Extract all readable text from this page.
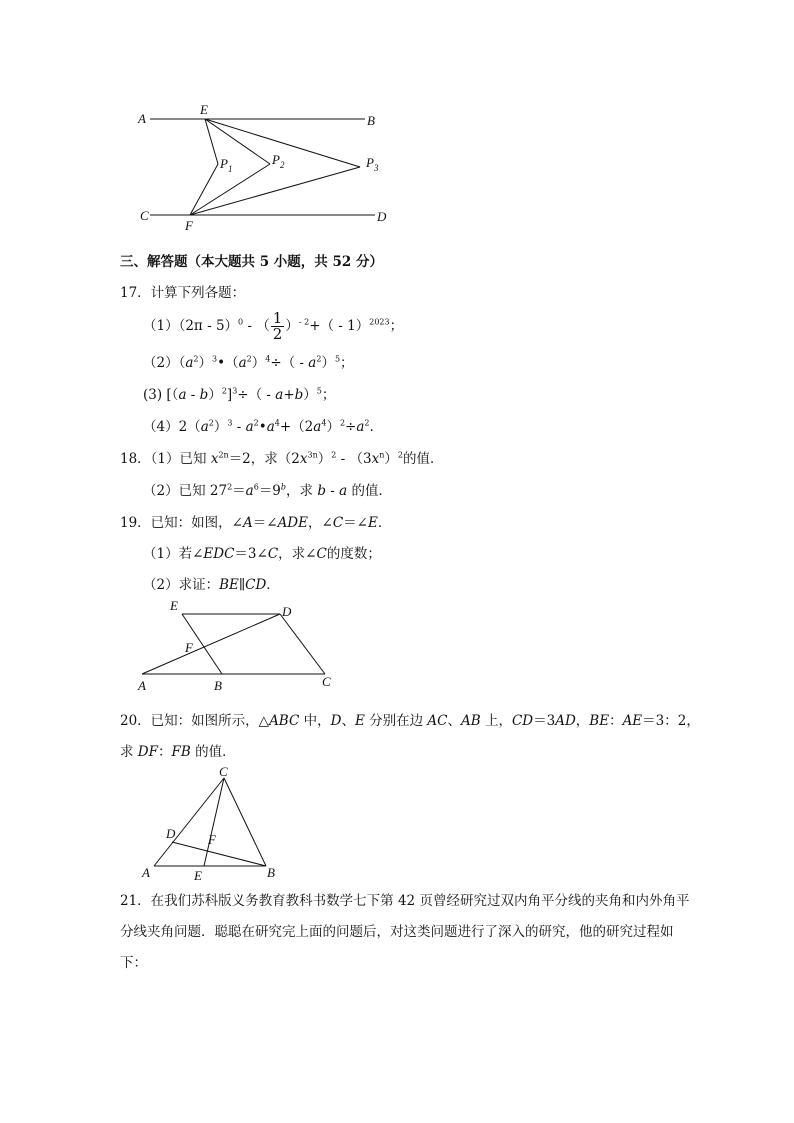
A
E
B
$P_1$
$P_2$	$P_3$
C
F
D
三、解答题（本大题共 5 小题，共 52 分）
17．计算下列各题：
（1）（2π - 5）$^0$ - （ $\frac{1}{2} )^{- 2}+( - 1)^{2023}$；
$(2)(a^2)^3•(a^2)^4\div( - a^2)^5$；
(3) $[(a - b)^2]^3\div( - a+b)^5$；
$(4)2(a^2)^3$ - $a^2•a^4+(2a^4)^2\div a^2$.
18．（1）已知 $x^{2n}=2$，求$(2x^{3n})^2 - (3x^n)^2$的值．
（2）已知 $27^2=a^6=9^b$，求 b - a 的值．
19．已知：如图，∠A＝∠ADE，∠C＝∠E．
（1）若∠EDC＝3∠C，求∠C的度数；
（2）求证：BE∥CD．
E	D
F
A	B	C
20．已知：如图所示，△ABC 中，D、E 分别在边 AC、AB 上，CD＝3AD，BE：AE＝3：2，
求 DF：FB 的值．
C
D	F
A	E	B
21．在我们苏科版义务教育教科书数学七下第 42 页曾经研究过双内角平分线的夹角和内外角平分线夹角问题．聪聪在研究完上面的问题后，对这类问题进行了深入的研究，他的研究过程如下：
